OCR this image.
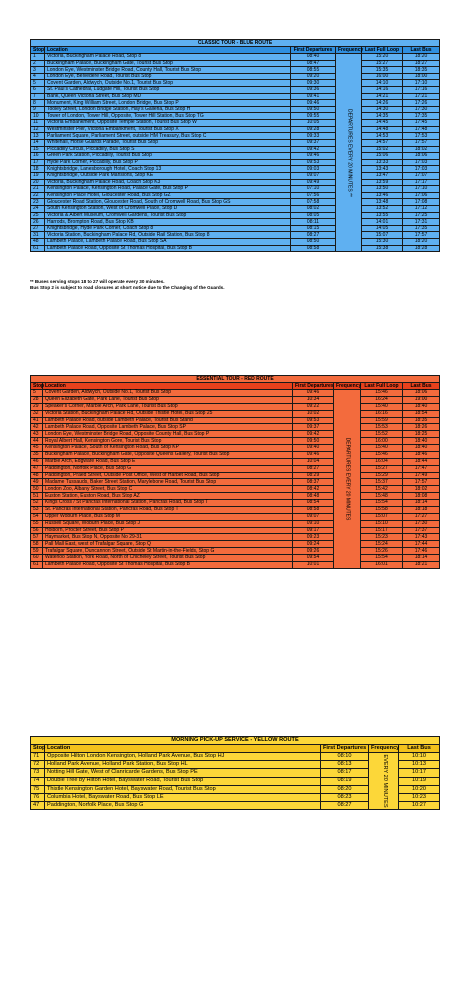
CLASSIC TOUR - BLUE ROUTE					
Stop	Location	First Departures	Frequency	Last Full Loop	Last Bus
1	Victoria, Buckingham Palace Road, Stop 8	08:40	DEPARTURES EVERY 20 MINUTES **	15:20	18:20
2	Buckingham Palace, Buckingham Gate, Tourist Bus Stop	08:47		15:27	18:27
3	London Eye, Westminster Bridge Road, County Hall, Tourist Bus Stop	08:55		15:35	18:35
4	London Eye, Belvedere Road, Tourist Bus Stop	09:20		16:00	18:00
5	Covent Garden, Aldwych, Outside No.1, Tourist Bus Stop	09:30		14:10	17:10
6	St. Paul's Cathedral, Ludgate Hill, Tourist Bus Stop	09:36		14:16	17:16
7	Bank, Queen Victoria Street, Bus Stop MD	09:41		14:21	17:21
8	Monument, King William Street, London Bridge, Bus Stop P	09:46		14:26	17:26
9	Tooley Street, London Bridge Station, Hay's Galleria, Bus Stop H	09:50		14:30	17:30
10	Tower of London, Tower Hill, Opposite, Tower Hill Station, Bus Stop TG	09:55		14:35	17:35
11	Victoria Embankment, Opposite Temple Station, Tourist Bus Stop W	10:05		14:45	17:45
12	Westminster Pier, Victoria Embankment, Tourist Bus Stop X	09:28		14:48	17:48
13	Parliament Square, Parliament Street, outside HM Treasury, Bus Stop C	09:33		14:53	17:53
14	Whitehall, Horse Guards Parade, Tourist Bus Stop	09:37		14:57	17:57
15	Piccadilly Circus, Piccadilly, Bus Stop S	09:42		15:02	18:02
16	Green Park Station, Piccadilly, Tourist Bus Stop	09:46		15:06	18:06
17	Hyde Park Corner, Piccadilly, Bus Stop P	09:53		13:33	17:03
18	Knightsbridge, Lanesborough Hotel, Coach Stop 13	09:03		13:43	17:03
19	Knightsbridge, Outside Park Mansions, Stop KE	09:07		13:47	17:07
20	Victoria, Buckingham Palace Road, Coach Stop K3	09:49		13:59	17:17
21	Kensington Palace, Kensington Road, Palace Gate, Bus Stop P	07:10		13:50	17:10
22	Kensington Place Hotel, Gloucester Road, Bus Stop GZ	07:56		13:46	17:06
23	Gloucester Road Station, Gloucester Road, South of Cromwell Road, Bus Stop GS	07:58		13:48	17:08
24	South Kensington Station, West of Cromwell Place, Stop D	08:02		13:52	17:12
25	Victoria & Albert Museum, Cromwell Gardens, Tourist Bus Stop	08:05		13:55	17:25
26	Harrods, Brompton Road, Bus Stop KB	08:11		14:01	17:31
27	Knightsbridge, Hyde Park Corner, Coach Stop 8	08:15		14:05	17:35
31	Victoria Station, Buckingham Palace Rd, Outside Rail Station, Bus Stop 8	08:27		15:07	17:57
48	Lambeth Palace, Lambeth Palace Road, Bus Stop SA	08:50		15:30	18:20
61	Lambeth Palace Road, Opposite St Thomas Hospital, Bus Stop B	08:58		15:38	18:28
** Buses serving stops 18 to 27 will operate every 30 minutes.
Bus Stop 2 is subject to road closures at short notice due to the Changing of the Guards.
ESSENTIAL TOUR - RED ROUTE					
Stop	Location	First Departures	Frequency	Last Full Loop	Last Bus
5	Covent Garden, Aldwych, Outside No.1, Tourist Bus Stop	09:46	DEPARTURES EVERY 20 MINUTES	15:46	18:06
28	Queen Elizabeth Gate, Park Lane, Tourist Bus Stop	10:34		16:24	19:00
29	Speaker's Corner, Marble Arch, Park Lane, Tourist Bus Stop	09:22		15:40	18:40
32	Victoria Station, Buckingham Palace Rd, Outside Thistle Hotel, Bus Stop 25	10:02		16:16	18:54
41	Lambeth Palace Road, outside Lambeth Palace, Tourist Bus Stand	09:53		15:59	18:35
42	Lambeth Palace Road, Opposite Lambeth Palace, Bus Stop SP	09:37		15:53	18:26
43	London Eye, Westminster Bridge Road, Opposite County Hall, Bus Stop P	09:42		15:52	18:25
44	Royal Albert Hall, Kensington Gore, Tourist Bus Stop	09:50		16:00	18:40
45	Kensington Palace, South of Kensington Road, Bus Stop KP	09:40		15:40	18:40
35	Buckingham Palace, Buckingham Gate, Opposite Queens Gallery, Tourist Bus Stop	09:46		15:46	18:46
46	Marble Arch, Edgware Road, Bus Stop E	10:04		16:04	18:44
47	Paddington, Norfolk Place, Bus Stop G	08:27		15:27	17:47
48	Paddington, Praed Street, Outside Post Office, West of Harbet Road, Bus Stop	08:29		15:29	17:49
49	Madame Tussauds, Baker Street Station, Marylebone Road, Tourist Bus Stop	08:37		15:37	17:57
50	London Zoo, Albany Street, Bus Stop C	08:42		15:42	18:02
51	Euston Station, Euston Road, Bus Stop AZ	08:48		15:48	18:08
52	Kings Cross / St Pancras International Station, Pancras Road, Bus Stop T	08:54		15:54	18:14
53	St. Pancras International Station, Pancras Road, Bus Stop T	08:58		15:58	18:18
54	Upper Woburn Place, Bus Stop M	09:07		15:07	17:27
55	Russell Square, Woburn Place, Bus Stop J	09:10		15:10	17:30
56	Holborn, Procter Street, Bus Stop P	09:17		15:17	17:37
57	Haymarket, Bus Stop N, Opposite No 29-31	09:23		15:23	17:43
58	Pall Mall East, west of Trafalgar Square, Stop Q	09:24		15:24	17:44
59	Trafalgar Square, Duncannon Street, Outside St Martin-in-the-Fields, Stop G	09:26		15:26	17:46
60	Waterloo Station, York Road, North of Chicheley Street, Tourist Bus Stop	09:54		15:54	18:14
61	Lambeth Palace Road, Opposite St Thomas Hospital, Bus Stop B	10:01		16:01	18:21
MORNING PICK-UP SERVICE - YELLOW ROUTE				
Stop	Location	First Departures	Frequency	Last Bus
71	Opposite Hilton London Kensington, Holland Park Avenue, Bus Stop HJ	08:10	EVERY 20 MINUTES	10:10
72	Holland Park Avenue, Holland Park Station, Bus Stop HL	08:13		10:13
73	Notting Hill Gate, West of Clanricarde Gardens, Bus Stop PE	08:17		10:17
74	Double Tree by Hilton Hotel, Bayswater Road, Tourist Bus Stop	08:19		10:19
75	Thistle Kensington Garden Hotel, Bayswater Road, Tourist Bus Stop	08:20		10:20
76	Columbia Hotel, Bayswater Road, Bus Stop LE	08:23		10:23
47	Paddington, Norfolk Place, Bus Stop G	08:27		10:27
